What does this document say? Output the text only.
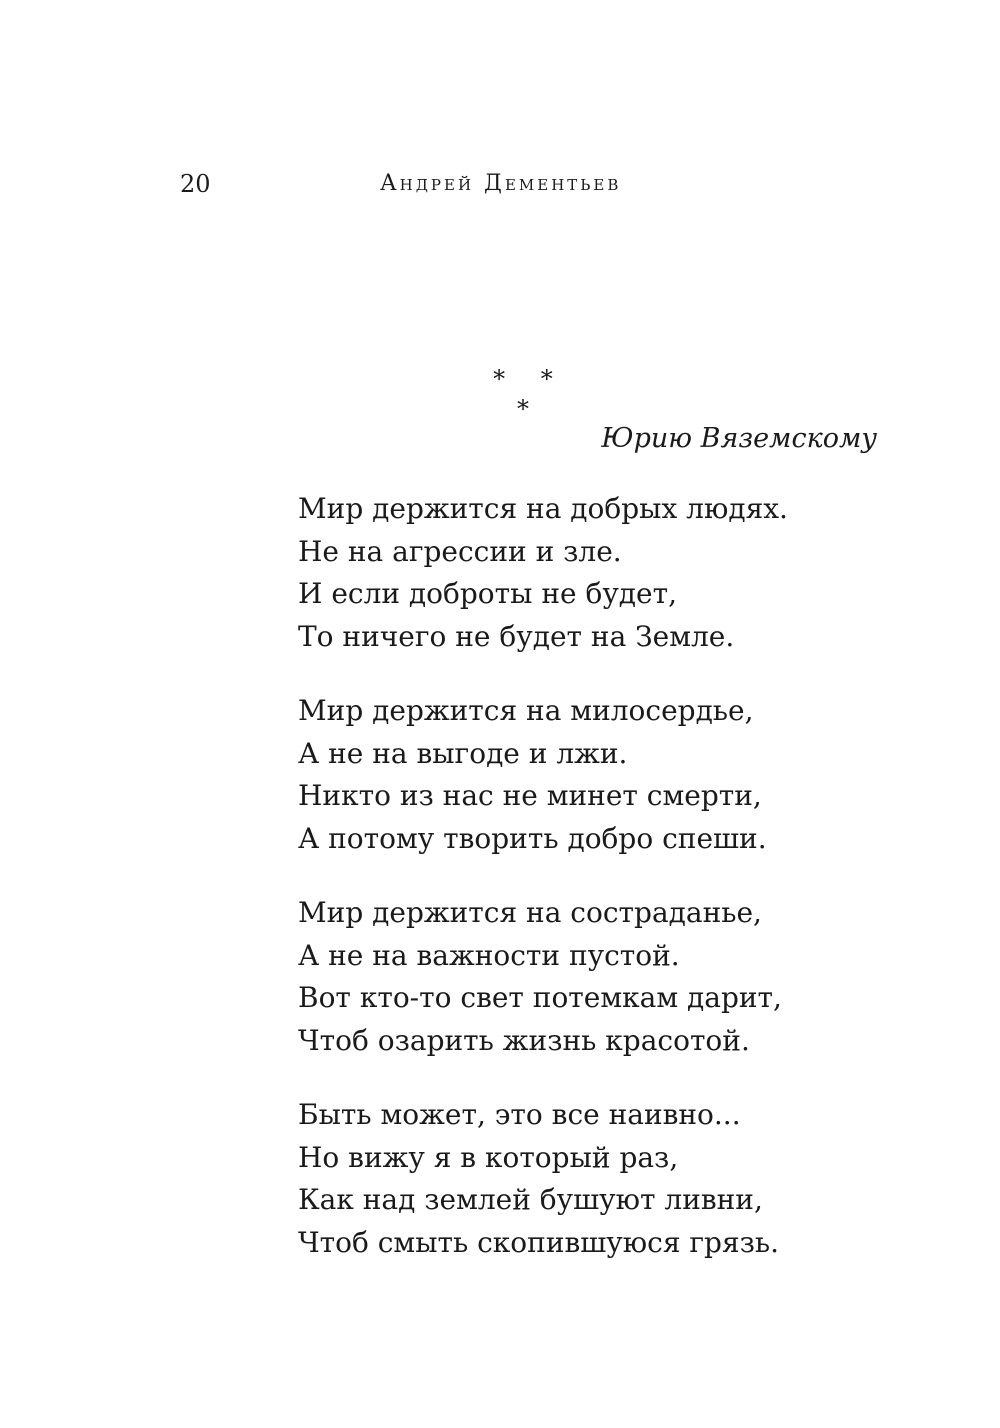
20	Андрей Дементьев
* * *
Юрию Вяземскому
Мир держится на добрых людях.
Не на агрессии и зле.
И если доброты не будет,
То ничего не будет на Земле.
Мир держится на милосердье,
А не на выгоде и лжи.
Никто из нас не минет смерти,
А потому творить добро спеши.
Мир держится на состраданье,
А не на важности пустой.
Вот кто-то свет потемкам дарит,
Чтоб озарить жизнь красотой.
Быть может, это все наивно...
Но вижу я в который раз,
Как над землей бушуют ливни,
Чтоб смыть скопившуюся грязь.
